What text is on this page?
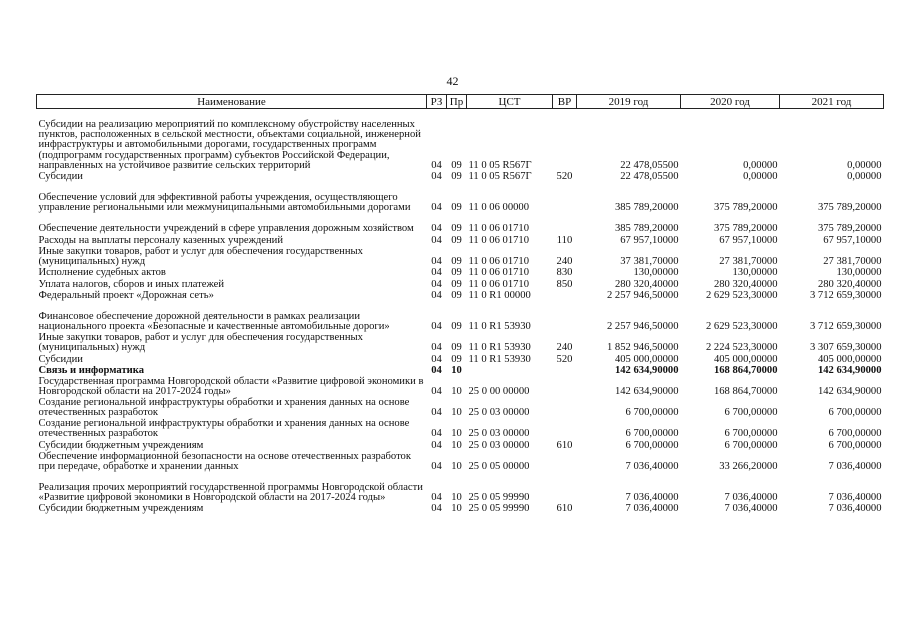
42
Наименование	РЗ	Пр	ЦСТ	ВР	2019 год	2020 год	2021 год
Субсидии на реализацию мероприятий по комплексному обустройству населенных пунктов, расположенных в сельской местности, объектами социальной, инженерной инфраструктуры и автомобильными дорогами, государственных программ (подпрограмм государственных программ) субъектов Российской Федерации, направленных на устойчивое развитие сельских территорий	04	09	11 0 05 R567Г		22 478,05500	0,00000	0,00000
Субсидии	04	09	11 0 05 R567Г	520	22 478,05500	0,00000	0,00000
Обеспечение условий для эффективной работы учреждения, осуществляющего управление региональными или межмуниципальными автомобильными дорогами	04	09	11 0 06 00000		385 789,20000	375 789,20000	375 789,20000
Обеспечение деятельности учреждений в сфере управления дорожным хозяйством	04	09	11 0 06 01710		385 789,20000	375 789,20000	375 789,20000
Расходы на выплаты персоналу казенных учреждений	04	09	11 0 06 01710	110	67 957,10000	67 957,10000	67 957,10000
Иные закупки товаров, работ и услуг для обеспечения государственных (муниципальных) нужд	04	09	11 0 06 01710	240	37 381,70000	27 381,70000	27 381,70000
Исполнение судебных актов	04	09	11 0 06 01710	830	130,00000	130,00000	130,00000
Уплата налогов, сборов и иных платежей	04	09	11 0 06 01710	850	280 320,40000	280 320,40000	280 320,40000
Федеральный проект «Дорожная сеть»	04	09	11 0 R1 00000		2 257 946,50000	2 629 523,30000	3 712 659,30000
Финансовое обеспечение дорожной деятельности в рамках реализации национального проекта «Безопасные и качественные автомобильные дороги»	04	09	11 0 R1 53930		2 257 946,50000	2 629 523,30000	3 712 659,30000
Иные закупки товаров, работ и услуг для обеспечения государственных (муниципальных) нужд	04	09	11 0 R1 53930	240	1 852 946,50000	2 224 523,30000	3 307 659,30000
Субсидии	04	09	11 0 R1 53930	520	405 000,00000	405 000,00000	405 000,00000
Связь и информатика	04	10			142 634,90000	168 864,70000	142 634,90000
Государственная программа Новгородской области «Развитие цифровой экономики в Новгородской области на 2017-2024 годы»	04	10	25 0 00 00000		142 634,90000	168 864,70000	142 634,90000
Создание региональной инфраструктуры обработки и хранения данных на основе отечественных разработок	04	10	25 0 03 00000		6 700,00000	6 700,00000	6 700,00000
Создание региональной инфраструктуры обработки и хранения данных на основе отечественных разработок	04	10	25 0 03 00000		6 700,00000	6 700,00000	6 700,00000
Субсидии бюджетным учреждениям	04	10	25 0 03 00000	610	6 700,00000	6 700,00000	6 700,00000
Обеспечение информационной безопасности на основе отечественных разработок при передаче, обработке и хранении данных	04	10	25 0 05 00000		7 036,40000	33 266,20000	7 036,40000
Реализация прочих мероприятий государственной программы Новгородской области «Развитие цифровой экономики в Новгородской области на 2017-2024 годы»	04	10	25 0 05 99990		7 036,40000	7 036,40000	7 036,40000
Субсидии бюджетным учреждениям	04	10	25 0 05 99990	610	7 036,40000	7 036,40000	7 036,40000
